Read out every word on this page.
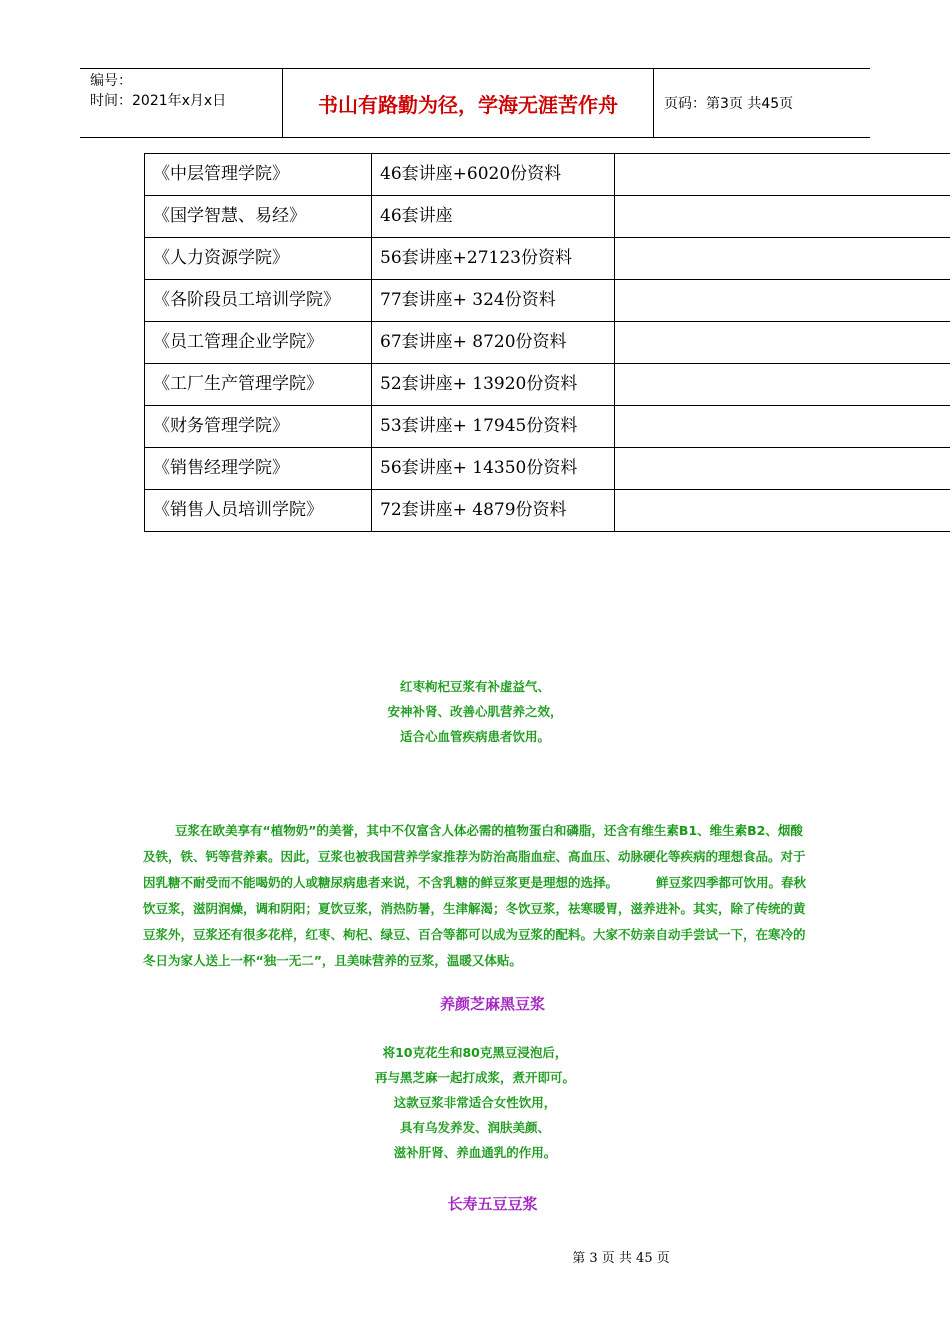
编号：
时间：2021年x月x日	书山有路勤为径，学海无涯苦作舟	页码：第3页 共45页
《中层管理学院》	46套讲座+6020份资料	
《国学智慧、易经》	46套讲座	
《人力资源学院》	56套讲座+27123份资料	
《各阶段员工培训学院》	77套讲座+ 324份资料	
《员工管理企业学院》	67套讲座+ 8720份资料	
《工厂生产管理学院》	52套讲座+ 13920份资料	
《财务管理学院》	53套讲座+ 17945份资料	
《销售经理学院》	56套讲座+ 14350份资料	
《销售人员培训学院》	72套讲座+ 4879份资料	
红枣枸杞豆浆有补虚益气、
安神补肾、改善心肌营养之效，
适合心血管疾病患者饮用。
豆浆在欧美享有“植物奶”的美誉，其中不仅富含人体必需的植物蛋白和磷脂，还含有维生素B1、维生素B2、烟酸及铁，铁、钙等营养素。因此，豆浆也被我国营养学家推荐为防治高脂血症、高血压、动脉硬化等疾病的理想食品。对于因乳糖不耐受而不能喝奶的人或糖尿病患者来说，不含乳糖的鲜豆浆更是理想的选择。	鲜豆浆四季都可饮用。春秋饮豆浆，滋阴润燥，调和阴阳；夏饮豆浆，消热防暑，生津解渴；冬饮豆浆，祛寒暖胃，滋养进补。其实，除了传统的黄豆浆外，豆浆还有很多花样，红枣、枸杞、绿豆、百合等都可以成为豆浆的配料。大家不妨亲自动手尝试一下，在寒冷的冬日为家人送上一杯“独一无二”，且美味营养的豆浆，温暖又体贴。
养颜芝麻黑豆浆
将10克花生和80克黑豆浸泡后，
再与黑芝麻一起打成浆，煮开即可。
这款豆浆非常适合女性饮用，
具有乌发养发、润肤美颜、
滋补肝肾、养血通乳的作用。
长寿五豆豆浆
第 3 页 共 45 页
